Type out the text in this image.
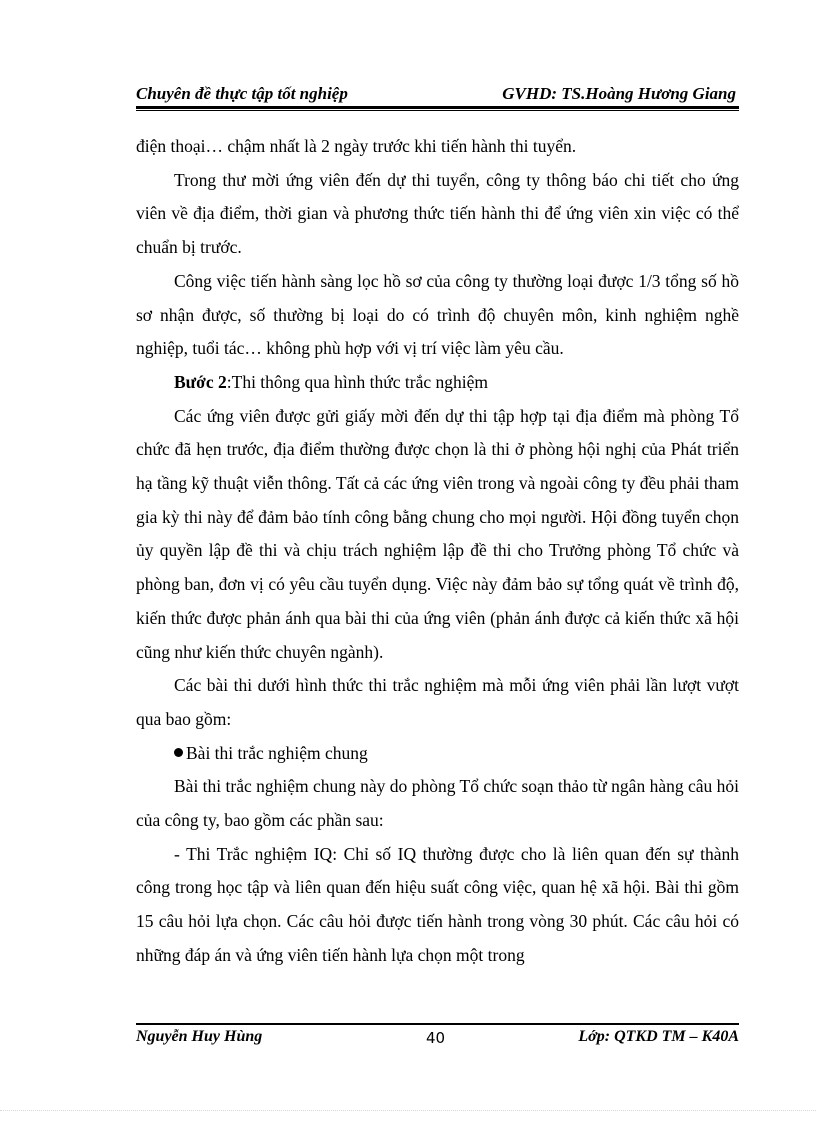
Chuyên đề thực tập tốt nghiệp	GVHD: TS.Hoàng Hương Giang

điện thoại… chậm nhất là 2 ngày trước khi tiến hành thi tuyển.

Trong thư mời ứng viên đến dự thi tuyển, công ty thông báo chi tiết cho ứng viên về địa điểm, thời gian và phương thức tiến hành thi để ứng viên xin việc có thể chuẩn bị trước.

Công việc tiến hành sàng lọc hồ sơ của công ty thường loại được 1/3 tổng số hồ sơ nhận được, số thường bị loại do có trình độ chuyên môn, kinh nghiệm nghề nghiệp, tuổi tác… không phù hợp với vị trí việc làm yêu cầu.

Bước 2:Thi thông qua hình thức trắc nghiệm

Các ứng viên được gửi giấy mời đến dự thi tập hợp tại địa điểm mà phòng Tổ chức đã hẹn trước, địa điểm thường được chọn là thi ở phòng hội nghị của Phát triển hạ tầng kỹ thuật viễn thông. Tất cả các ứng viên trong và ngoài công ty đều phải tham gia kỳ thi này để đảm bảo tính công bằng chung cho mọi người. Hội đồng tuyển chọn ủy quyền lập đề thi và chịu trách nghiệm lập đề thi cho Trưởng phòng Tổ chức và phòng ban, đơn vị có yêu cầu tuyển dụng. Việc này đảm bảo sự tổng quát về trình độ, kiến thức được phản ánh qua bài thi của ứng viên (phản ánh được cả kiến thức xã hội cũng như kiến thức chuyên ngành).

Các bài thi dưới hình thức thi trắc nghiệm mà mỗi ứng viên phải lần lượt vượt qua bao gồm:

Bài thi trắc nghiệm chung

Bài thi trắc nghiệm chung này do phòng Tổ chức soạn thảo từ ngân hàng câu hỏi của công ty, bao gồm các phần sau:

- Thi Trắc nghiệm IQ: Chỉ số IQ thường được cho là liên quan đến sự thành công trong học tập và liên quan đến hiệu suất công việc, quan hệ xã hội. Bài thi gồm 15 câu hỏi lựa chọn. Các câu hỏi được tiến hành trong vòng 30 phút. Các câu hỏi có những đáp án và ứng viên tiến hành lựa chọn một trong

Nguyễn Huy Hùng	40	Lớp: QTKD TM – K40A
